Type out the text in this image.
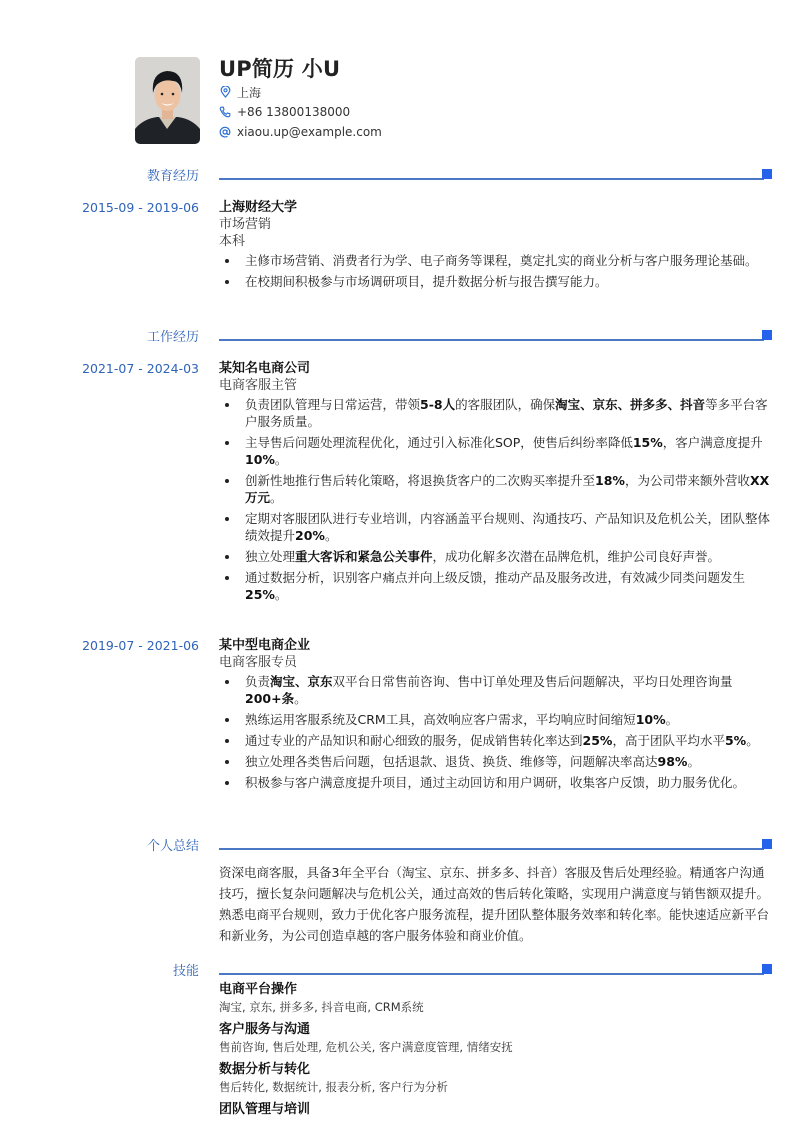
UP简历 小U
上海
+86 13800138000
xiaou.up@example.com
教育经历
2015-09 - 2019-06 上海财经大学
市场营销
本科
主修市场营销、消费者行为学、电子商务等课程，奠定扎实的商业分析与客户服务理论基础。
在校期间积极参与市场调研项目，提升数据分析与报告撰写能力。
工作经历
2021-07 - 2024-03 某知名电商公司
电商客服主管
负责团队管理与日常运营，带领5-8人的客服团队，确保淘宝、京东、拼多多、抖音等多平台客户服务质量。
主导售后问题处理流程优化，通过引入标准化SOP，使售后纠纷率降低15%，客户满意度提升10%。
创新性地推行售后转化策略，将退换货客户的二次购买率提升至18%，为公司带来额外营收XX万元。
定期对客服团队进行专业培训，内容涵盖平台规则、沟通技巧、产品知识及危机公关，团队整体绩效提升20%。
独立处理重大客诉和紧急公关事件，成功化解多次潜在品牌危机，维护公司良好声誉。
通过数据分析，识别客户痛点并向上级反馈，推动产品及服务改进，有效减少同类问题发生25%。
2019-07 - 2021-06 某中型电商企业
电商客服专员
负责淘宝、京东双平台日常售前咨询、售中订单处理及售后问题解决，平均日处理咨询量200+条。
熟练运用客服系统及CRM工具，高效响应客户需求，平均响应时间缩短10%。
通过专业的产品知识和耐心细致的服务，促成销售转化率达到25%，高于团队平均水平5%。
独立处理各类售后问题，包括退款、退货、换货、维修等，问题解决率高达98%。
积极参与客户满意度提升项目，通过主动回访和用户调研，收集客户反馈，助力服务优化。
个人总结
资深电商客服，具备3年全平台（淘宝、京东、拼多多、抖音）客服及售后处理经验。精通客户沟通技巧，擅长复杂问题解决与危机公关，通过高效的售后转化策略，实现用户满意度与销售额双提升。熟悉电商平台规则，致力于优化客户服务流程，提升团队整体服务效率和转化率。能快速适应新平台和新业务，为公司创造卓越的客户服务体验和商业价值。
技能
电商平台操作
淘宝, 京东, 拼多多, 抖音电商, CRM系统
客户服务与沟通
售前咨询, 售后处理, 危机公关, 客户满意度管理, 情绪安抚
数据分析与转化
售后转化, 数据统计, 报表分析, 客户行为分析
团队管理与培训
